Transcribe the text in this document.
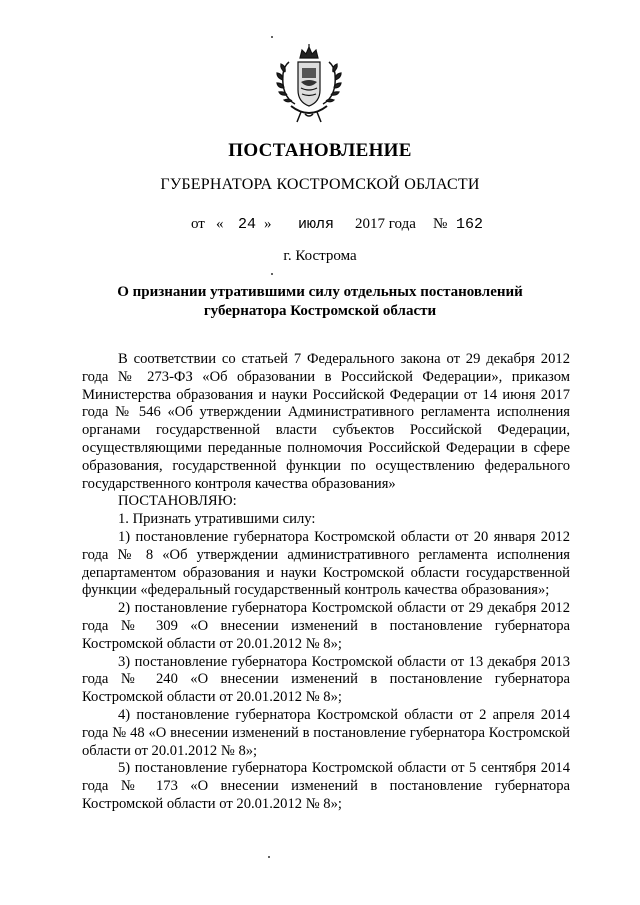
ПОСТАНОВЛЕНИЕ
ГУБЕРНАТОРА КОСТРОМСКОЙ ОБЛАСТИ
от « 24 » июля 2017 года № 162
г. Кострома
О признании утратившими силу отдельных постановлений
губернатора Костромской области

В соответствии со статьей 7 Федерального закона от 29 декабря 2012 года № 273-ФЗ «Об образовании в Российской Федерации», приказом Министерства образования и науки Российской Федерации от 14 июня 2017 года № 546 «Об утверждении Административного регламента исполнения органами государственной власти субъектов Российской Федерации, осуществляющими переданные полномочия Российской Федерации в сфере образования, государственной функции по осуществлению федерального государственного контроля качества образования»

ПОСТАНОВЛЯЮ:

1. Признать утратившими силу:

1) постановление губернатора Костромской области от 20 января 2012 года № 8 «Об утверждении административного регламента исполнения департаментом образования и науки Костромской области государственной функции «федеральный государственный контроль качества образования»;

2) постановление губернатора Костромской области от 29 декабря 2012 года № 309 «О внесении изменений в постановление губернатора Костромской области от 20.01.2012 № 8»;

3) постановление губернатора Костромской области от 13 декабря 2013 года № 240 «О внесении изменений в постановление губернатора Костромской области от 20.01.2012 № 8»;

4) постановление губернатора Костромской области от 2 апреля 2014 года № 48 «О внесении изменений в постановление губернатора Костромской области от 20.01.2012 № 8»;

5) постановление губернатора Костромской области от 5 сентября 2014 года № 173 «О внесении изменений в постановление губернатора Костромской области от 20.01.2012 № 8»;
